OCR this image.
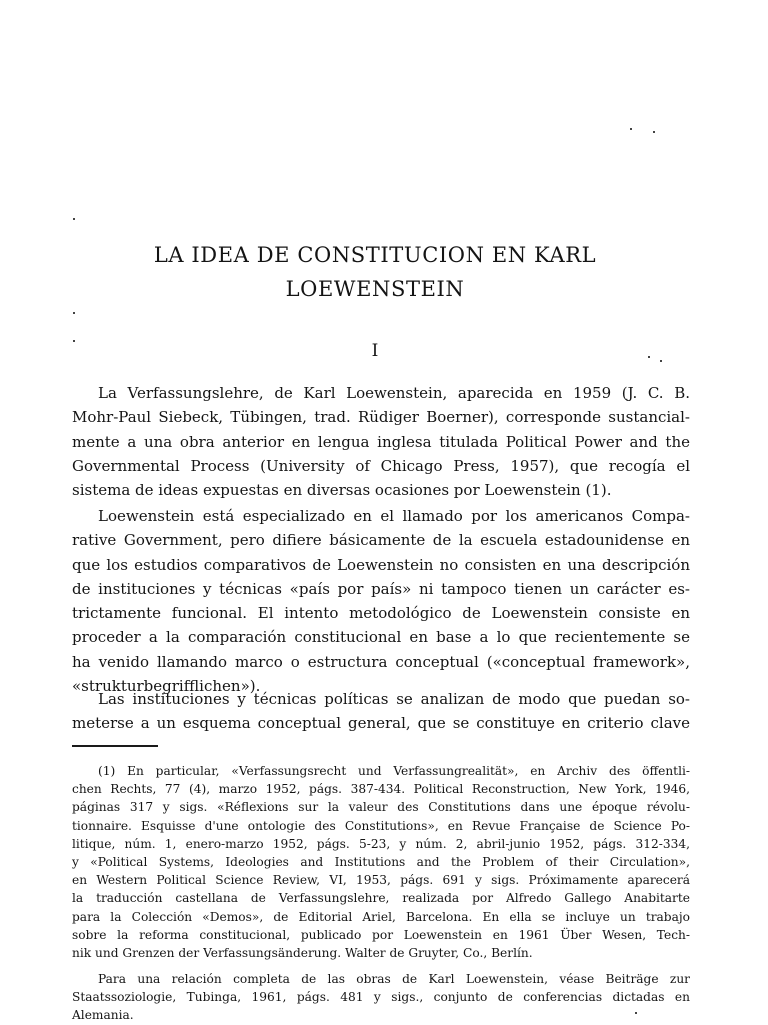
LA IDEA DE CONSTITUCION EN KARL
LOEWENSTEIN
I
La Verfassungslehre, de Karl Loewenstein, aparecida en 1959 (J. C. B.
Mohr-Paul Siebeck, Tübingen, trad. Rüdiger Boerner), corresponde sustancial-
mente a una obra anterior en lengua inglesa titulada Political Power and the
Governmental Process (University of Chicago Press, 1957), que recogía el
sistema de ideas expuestas en diversas ocasiones por Loewenstein (1).
Loewenstein está especializado en el llamado por los americanos Compa-
rative Government, pero difiere básicamente de la escuela estadounidense en
que los estudios comparativos de Loewenstein no consisten en una descripción
de instituciones y técnicas «país por país» ni tampoco tienen un carácter es-
trictamente funcional. El intento metodológico de Loewenstein consiste en
proceder a la comparación constitucional en base a lo que recientemente se
ha venido llamando marco o estructura conceptual («conceptual framework»,
«strukturbegrifflichen»).
Las instituciones y técnicas políticas se analizan de modo que puedan so-
meterse a un esquema conceptual general, que se constituye en criterio clave
(1) En particular, «Verfassungsrecht und Verfassungrealität», en Archiv des öffentli-
chen Rechts, 77 (4), marzo 1952, págs. 387-434. Political Reconstruction, New York, 1946,
páginas 317 y sigs. «Réflexions sur la valeur des Constitutions dans une époque révolu-
tionnaire. Esquisse d'une ontologie des Constitutions», en Revue Française de Science Po-
litique, núm. 1, enero-marzo 1952, págs. 5-23, y núm. 2, abril-junio 1952, págs. 312-334,
y «Political Systems, Ideologies and Institutions and the Problem of their Circulation»,
en Western Political Science Review, VI, 1953, págs. 691 y sigs. Próximamente aparecerá
la traducción castellana de Verfassungslehre, realizada por Alfredo Gallego Anabitarte
para la Colección «Demos», de Editorial Ariel, Barcelona. En ella se incluye un trabajo
sobre la reforma constitucional, publicado por Loewenstein en 1961 Über Wesen, Tech-
nik und Grenzen der Verfassungsänderung. Walter de Gruyter, Co., Berlín.
Para una relación completa de las obras de Karl Loewenstein, véase Beiträge zur
Staatssoziologie, Tubinga, 1961, págs. 481 y sigs., conjunto de conferencias dictadas en
Alemania.
